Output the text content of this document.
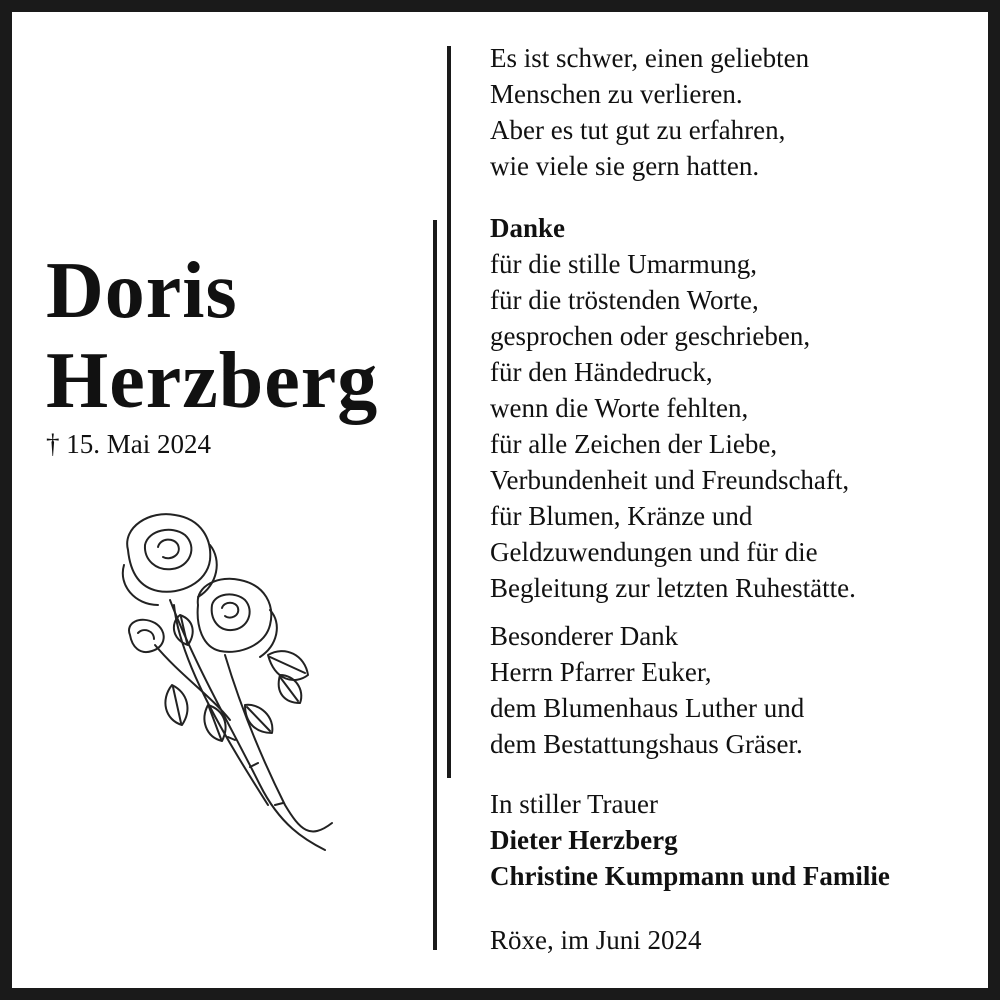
Doris
Herzberg
† 15. Mai 2024
Es ist schwer, einen geliebten
Menschen zu verlieren.
Aber es tut gut zu erfahren,
wie viele sie gern hatten.
Danke
für die stille Umarmung,
für die tröstenden Worte,
gesprochen oder geschrieben,
für den Händedruck,
wenn die Worte fehlten,
für alle Zeichen der Liebe,
Verbundenheit und Freundschaft,
für Blumen, Kränze und
Geldzuwendungen und für die
Begleitung zur letzten Ruhestätte.
Besonderer Dank
Herrn Pfarrer Euker,
dem Blumenhaus Luther und
dem Bestattungshaus Gräser.
In stiller Trauer
Dieter Herzberg
Christine Kumpmann und Familie
Röxe, im Juni 2024
